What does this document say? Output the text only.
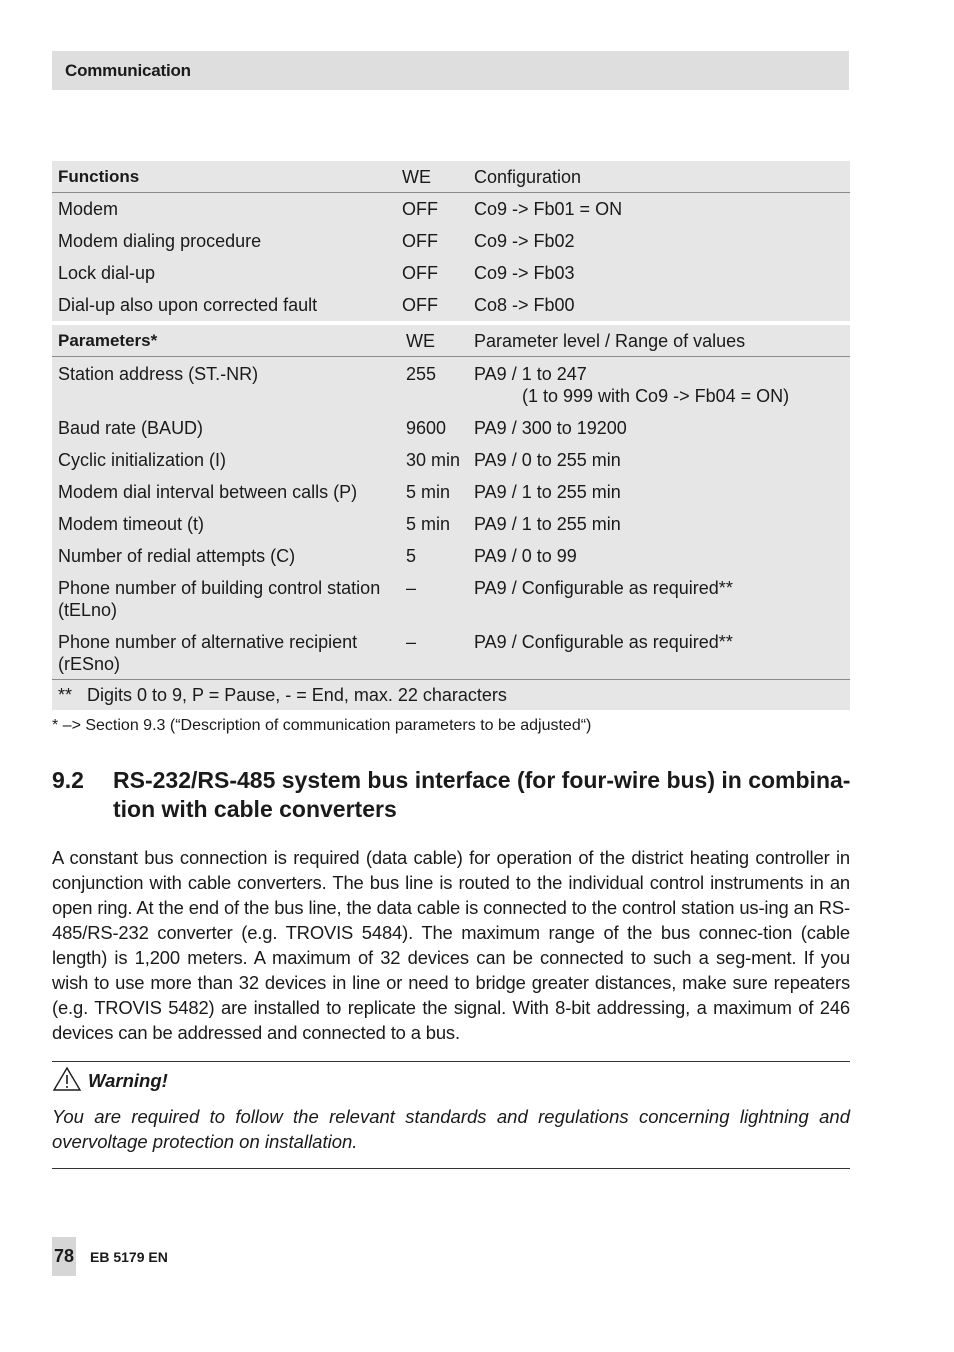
Communication
Functions	WE	Configuration
Modem	OFF	Co9 -> Fb01 = ON
Modem dialing procedure	OFF	Co9 -> Fb02
Lock dial-up	OFF	Co9 -> Fb03
Dial-up also upon corrected fault	OFF	Co8 -> Fb00
Parameters*	WE	Parameter level / Range of values
Station address (ST.-NR)	255	PA9 / 1 to 247
(1 to 999 with Co9 -> Fb04 = ON)

Baud rate (BAUD)	9600	PA9 / 300 to 19200
Cyclic initialization (I)	30 min	PA9 / 0 to 255 min
Modem dial interval between calls (P)	5 min	PA9 / 1 to 255 min
Modem timeout (t)	5 min	PA9 / 1 to 255 min
Number of redial attempts (C)	5	PA9 / 0 to 99
Phone number of building control station
(tELno)	–	PA9 / Configurable as required**
Phone number of alternative recipient
(rESno)	–	PA9 / Configurable as required**
**   Digits 0 to 9, P = Pause, - = End, max. 22 characters		
* –> Section 9.3 (“Description of communication parameters to be adjusted“)
9.2 RS-232/RS-485 system bus interface (for four-wire bus) in combina-tion with cable converters
A constant bus connection is required (data cable) for operation of the district heating controller in conjunction with cable converters. The bus line is routed to the individual control instruments in an open ring. At the end of the bus line, the data cable is connected to the control station us-ing an RS-485/RS-232 converter (e.g. TROVIS 5484). The maximum range of the bus connec-tion (cable length) is 1,200 meters. A maximum of 32 devices can be connected to such a seg-ment. If you wish to use more than 32 devices in line or need to bridge greater distances, make sure repeaters (e.g. TROVIS 5482) are installed to replicate the signal. With 8-bit addressing, a maximum of 246 devices can be addressed and connected to a bus.
Warning!
You are required to follow the relevant standards and regulations concerning lightning and overvoltage protection on installation.
78 EB 5179 EN
